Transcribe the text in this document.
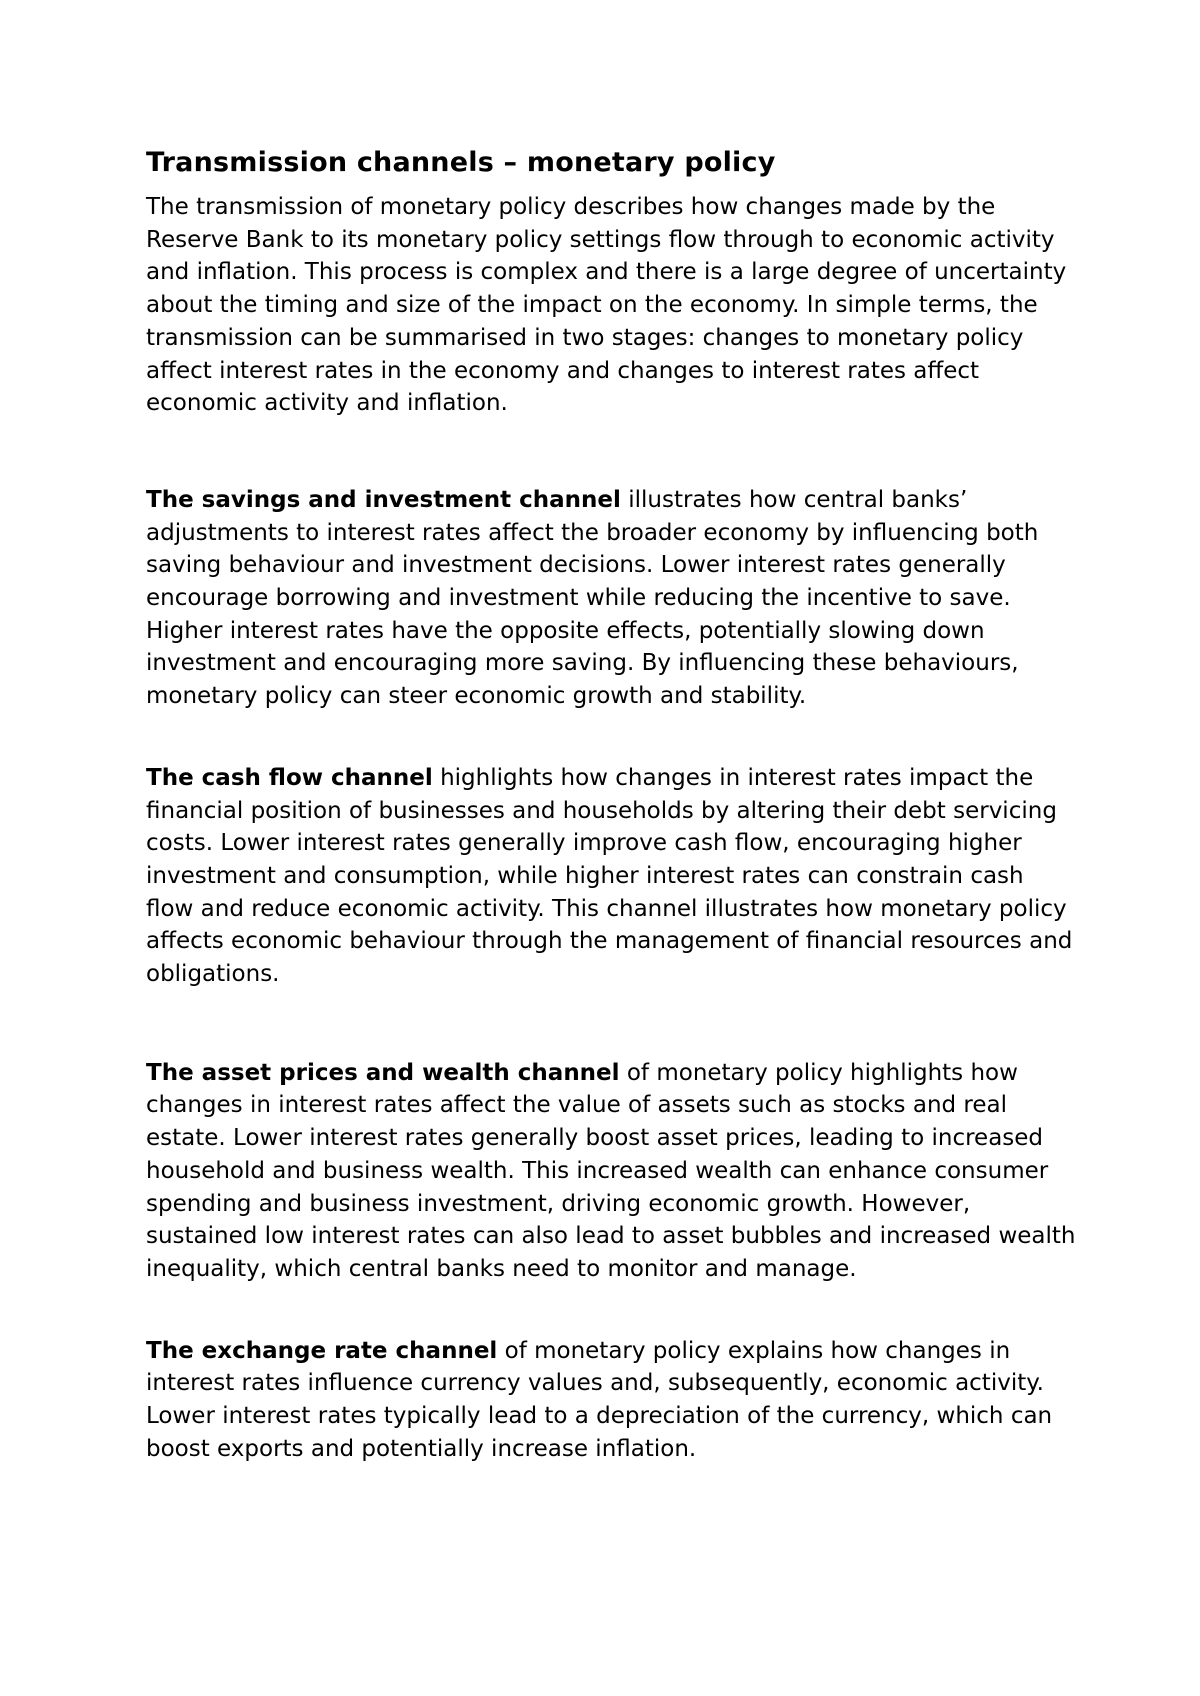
Transmission channels – monetary policy

The transmission of monetary policy describes how changes made by the Reserve Bank to its monetary policy settings flow through to economic activity and inflation. This process is complex and there is a large degree of uncertainty about the timing and size of the impact on the economy. In simple terms, the transmission can be summarised in two stages: changes to monetary policy affect interest rates in the economy and changes to interest rates affect economic activity and inflation.

The savings and investment channel illustrates how central banks’ adjustments to interest rates affect the broader economy by influencing both saving behaviour and investment decisions. Lower interest rates generally encourage borrowing and investment while reducing the incentive to save. Higher interest rates have the opposite effects, potentially slowing down investment and encouraging more saving. By influencing these behaviours, monetary policy can steer economic growth and stability.

The cash flow channel highlights how changes in interest rates impact the financial position of businesses and households by altering their debt servicing costs. Lower interest rates generally improve cash flow, encouraging higher investment and consumption, while higher interest rates can constrain cash flow and reduce economic activity. This channel illustrates how monetary policy affects economic behaviour through the management of financial resources and obligations.

The asset prices and wealth channel of monetary policy highlights how changes in interest rates affect the value of assets such as stocks and real estate. Lower interest rates generally boost asset prices, leading to increased household and business wealth. This increased wealth can enhance consumer spending and business investment, driving economic growth. However, sustained low interest rates can also lead to asset bubbles and increased wealth inequality, which central banks need to monitor and manage.

The exchange rate channel of monetary policy explains how changes in interest rates influence currency values and, subsequently, economic activity. Lower interest rates typically lead to a depreciation of the currency, which can boost exports and potentially increase inflation.
